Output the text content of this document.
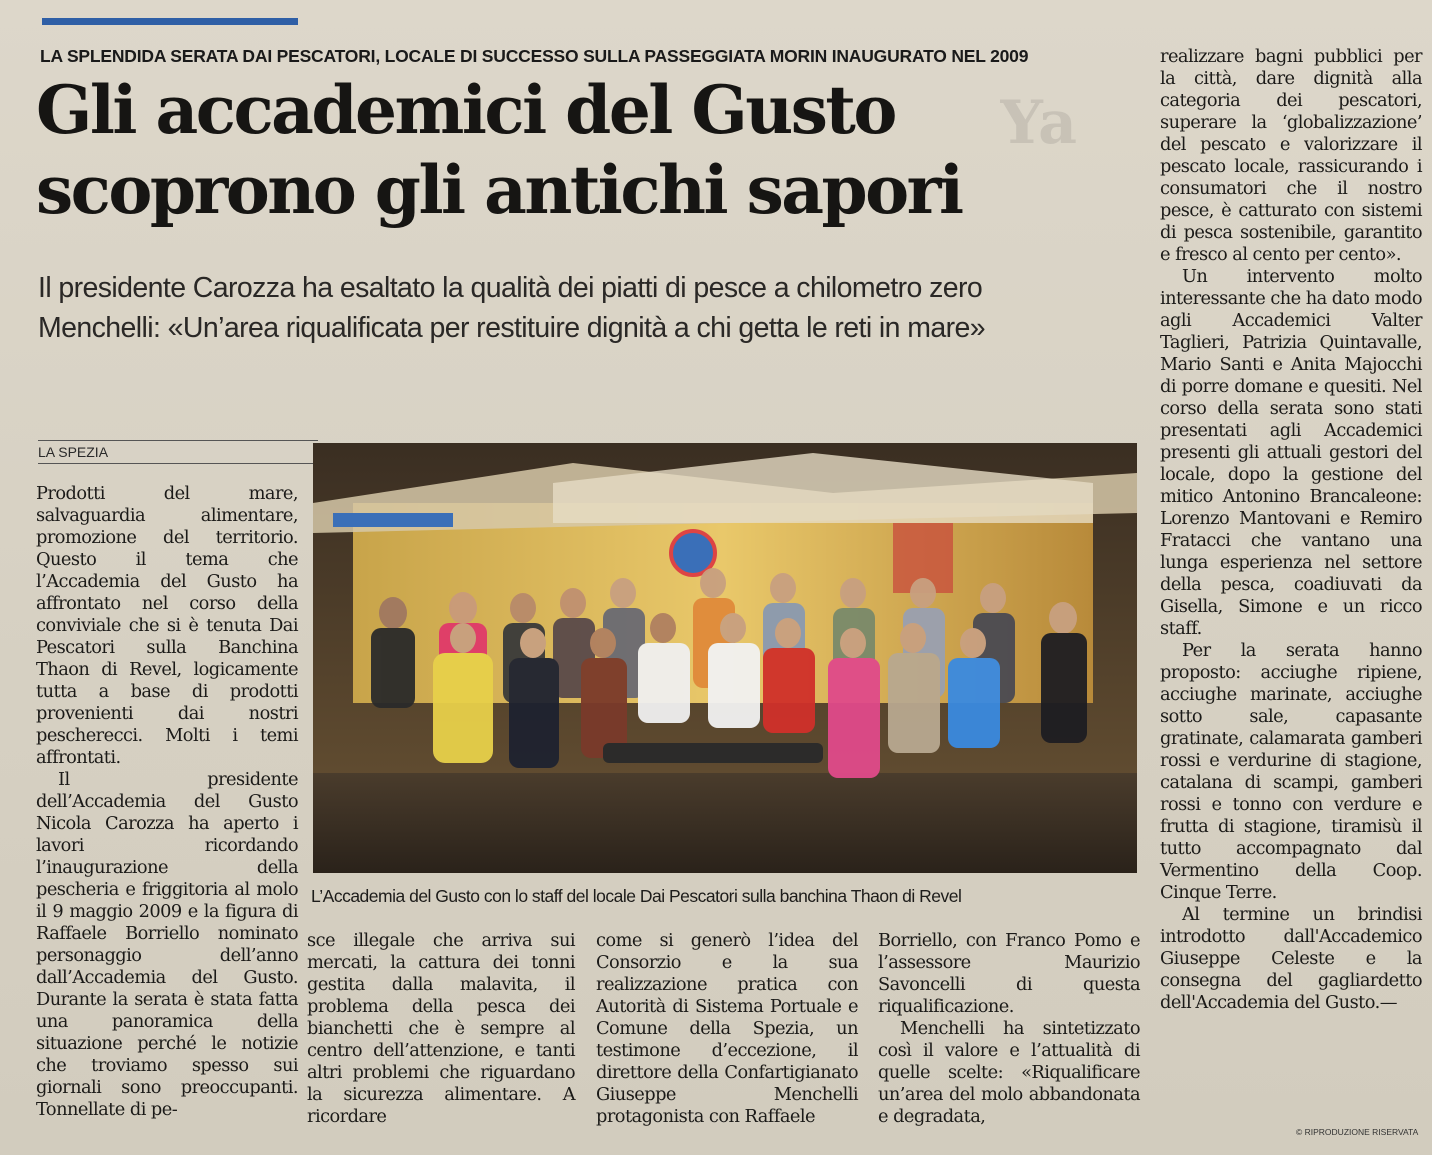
LA SPLENDIDA SERATA DAI PESCATORI, LOCALE DI SUCCESSO SULLA PASSEGGIATA MORIN INAUGURATO NEL 2009
Ya
Gli accademici del Gusto
scoprono gli antichi sapori
Il presidente Carozza ha esaltato la qualità dei piatti di pesce a chilometro zero
Menchelli: «Un’area riqualificata per restituire dignità a chi getta le reti in mare»
LA SPEZIA

Prodotti del mare, salvaguardia alimentare, promozione del territorio. Questo il tema che l’Accademia del Gusto ha affrontato nel corso della conviviale che si è tenuta Dai Pescatori sulla Banchina Thaon di Revel, logicamente tutta a base di prodotti provenienti dai nostri pescherecci. Molti i temi affrontati.

Il presidente dell’Accademia del Gusto Nicola Carozza ha aperto i lavori ricordando l’inaugurazione della pescheria e friggitoria al molo il 9 maggio 2009 e la figura di Raffaele Borriello nominato personaggio dell’anno dall’Accademia del Gusto. Durante la serata è stata fatta una panoramica della situazione perché le notizie che troviamo spesso sui giornali sono preoccupanti. Tonnellate di pe-

L’Accademia del Gusto con lo staff del locale Dai Pescatori sulla banchina Thaon di Revel

sce illegale che arriva sui mercati, la cattura dei tonni gestita dalla malavita, il problema della pesca dei bianchetti che è sempre al centro dell’attenzione, e tanti altri problemi che riguardano la sicurezza alimentare. A ricordare

come si generò l’idea del Consorzio e la sua realizzazione pratica con Autorità di Sistema Portuale e Comune della Spezia, un testimone d’eccezione, il direttore della Confartigianato Giuseppe Menchelli protagonista con Raffaele

Borriello, con Franco Pomo e l’assessore Maurizio Savoncelli di questa riqualificazione.

Menchelli ha sintetizzato così il valore e l’attualità di quelle scelte: «Riqualificare un’area del molo abbandonata e degradata,

realizzare bagni pubblici per la città, dare dignità alla categoria dei pescatori, superare la ‘globalizzazione’ del pescato e valorizzare il pescato locale, rassicurando i consumatori che il nostro pesce, è catturato con sistemi di pesca sostenibile, garantito e fresco al cento per cento».

Un intervento molto interessante che ha dato modo agli Accademici Valter Taglieri, Patrizia Quintavalle, Mario Santi e Anita Majocchi di porre domane e quesiti. Nel corso della serata sono stati presentati agli Accademici presenti gli attuali gestori del locale, dopo la gestione del mitico Antonino Brancaleone: Lorenzo Mantovani e Remiro Fratacci che vantano una lunga esperienza nel settore della pesca, coadiuvati da Gisella, Simone e un ricco staff.

Per la serata hanno proposto: acciughe ripiene, acciughe marinate, acciughe sotto sale, capasante gratinate, calamarata gamberi rossi e verdurine di stagione, catalana di scampi, gamberi rossi e tonno con verdure e frutta di stagione, tiramisù il tutto accompagnato dal Vermentino della Coop. Cinque Terre.

Al termine un brindisi introdotto dall'Accademico Giuseppe Celeste e la consegna del gagliardetto dell'Accademia del Gusto.—

© RIPRODUZIONE RISERVATA
